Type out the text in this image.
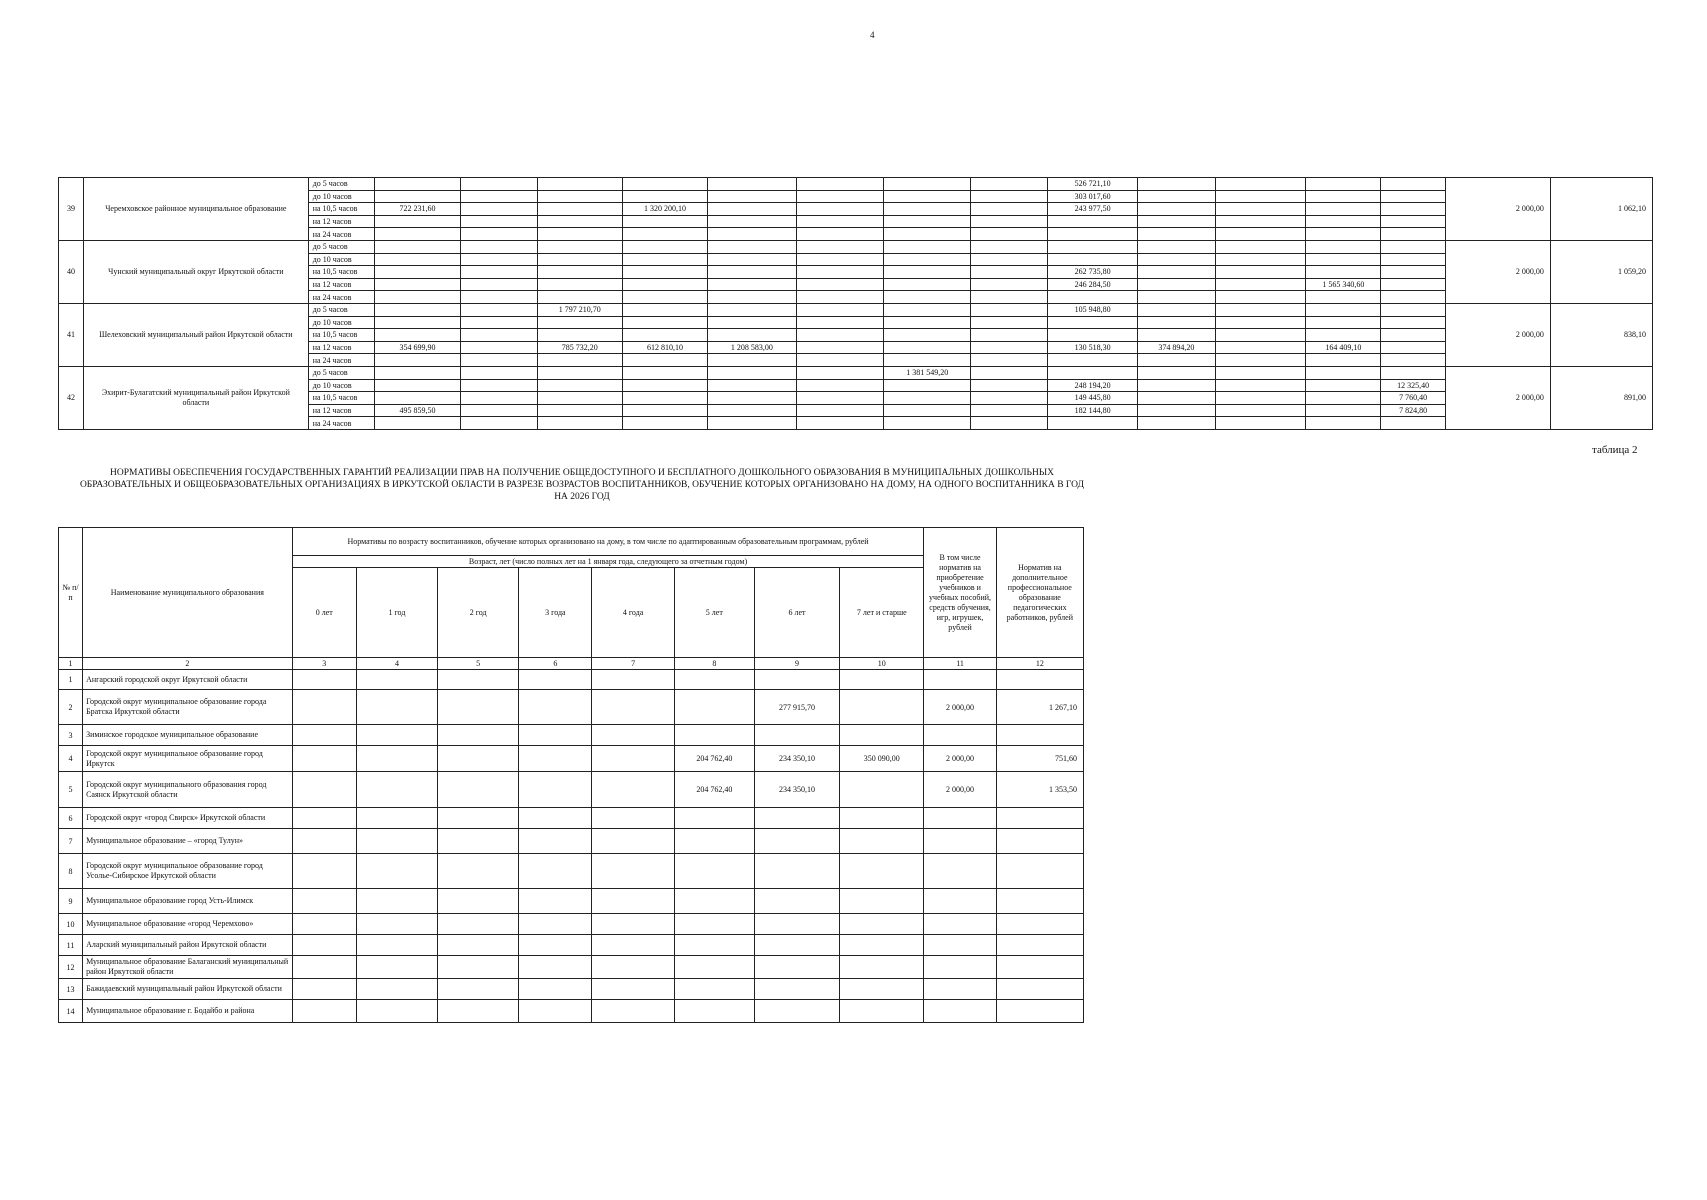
4
39	Черемховское районное муниципальное образование	до 5 часов											526 721,10					2 000,00	1 062,10
		до 10 часов											303 017,60						
		на 10,5 часов	722 231,60			1 320 200,10							243 977,50						
		на 12 часов															
		на 24 часов															
40	Чунский муниципальный округ Иркутской области	до 5 часов																2 000,00	1 059,20
		до 10 часов															
		на 10,5 часов											262 735,80						
		на 12 часов											246 284,50			1 565 340,60			
		на 24 часов															
41	Шелеховский муниципальный район Иркутской области	до 5 часов			1 797 210,70								105 948,80					2 000,00	838,10
		до 10 часов															
		на 10,5 часов															
		на 12 часов	354 699,90		785 732,20	612 810,10	1 208 583,00						130 518,30	374 894,20		164 409,10			
		на 24 часов															
42	Эхирит-Булагатский муниципальный район Иркутской области	до 5 часов							1 381 549,20									2 000,00	891,00
		до 10 часов											248 194,20				12 325,40		
		на 10,5 часов											149 445,80				7 760,40		
		на 12 часов	495 859,50										182 144,80				7 824,80		
		на 24 часов															
таблица 2
НОРМАТИВЫ ОБЕСПЕЧЕНИЯ ГОСУДАРСТВЕННЫХ ГАРАНТИЙ РЕАЛИЗАЦИИ ПРАВ НА ПОЛУЧЕНИЕ ОБЩЕДОСТУПНОГО И БЕСПЛАТНОГО ДОШКОЛЬНОГО ОБРАЗОВАНИЯ В МУНИЦИПАЛЬНЫХ ДОШКОЛЬНЫХ ОБРАЗОВАТЕЛЬНЫХ И ОБЩЕОБРАЗОВАТЕЛЬНЫХ ОРГАНИЗАЦИЯХ В ИРКУТСКОЙ ОБЛАСТИ В РАЗРЕЗЕ ВОЗРАСТОВ ВОСПИТАННИКОВ, ОБУЧЕНИЕ КОТОРЫХ ОРГАНИЗОВАНО НА ДОМУ, НА ОДНОГО ВОСПИТАННИКА В ГОД НА 2026 ГОД
№ п/п	Наименование муниципального образования	Нормативы по возрасту воспитанников, обучение которых организовано на дому, в том числе по адаптированным образовательным программам, рублей								В том числе норматив на приобретение учебников и учебных пособий, средств обучения, игр, игрушек, рублей	Норматив на дополнительное профессиональное образование педагогических работников, рублей
		Возраст, лет (число полных лет на 1 января года, следующего за отчетным годом)									
		0 лет	1 год	2 год	3 года	4 года	5 лет	6 лет	7 лет и старше		
1	2	3	4	5	6	7	8	9	10	11	12
1	Ангарский городской округ Иркутской области										
2	Городской округ муниципальное образование города Братска Иркутской области							277 915,70		2 000,00	1 267,10
3	Зиминское городское муниципальное образование										
4	Городской округ муниципальное образование город Иркутск						204 762,40	234 350,10	350 090,00	2 000,00	751,60
5	Городской округ муниципального образования город Саянск Иркутской области						204 762,40	234 350,10		2 000,00	1 353,50
6	Городской округ «город Свирск» Иркутской области										
7	Муниципальное образование – «город Тулун»										
8	Городской округ муниципальное образование город Усолье-Сибирское Иркутской области										
9	Муниципальное образование город Усть-Илимск										
10	Муниципальное образование «город Черемхово»										
11	Аларский муниципальный район Иркутской области										
12	Муниципальное образование Балаганский муниципальный район Иркутской области										
13	Бажидаевский муниципальный район Иркутской области										
14	Муниципальное образование г. Бодайбо и района										
